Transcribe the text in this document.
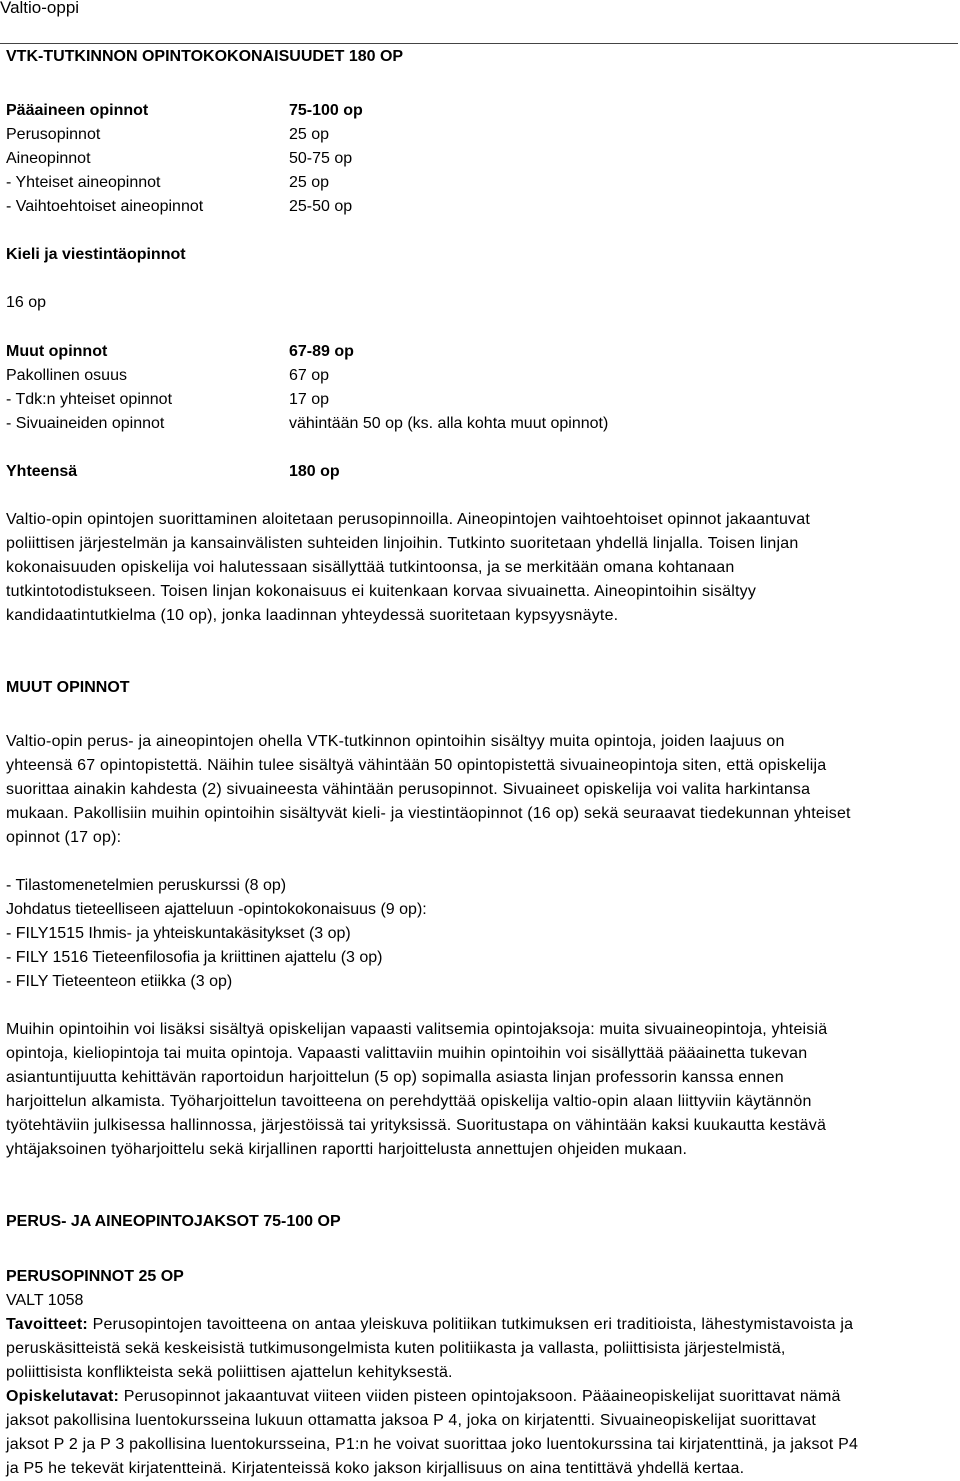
Valtio-oppi
VTK-TUTKINNON OPINTOKOKONAISUUDET 180 OP
Pääaineen opinnot	75-100 op
Perusopinnot	25 op
Aineopinnot	50-75 op
- Yhteiset aineopinnot	25 op
- Vaihtoehtoiset aineopinnot	25-50 op
Kieli ja viestintäopinnot
16 op
Muut opinnot	67-89 op
Pakollinen osuus	67 op
- Tdk:n yhteiset opinnot	17 op
- Sivuaineiden opinnot	vähintään 50 op (ks. alla kohta muut opinnot)
Yhteensä	180 op
Valtio-opin opintojen suorittaminen aloitetaan perusopinnoilla. Aineopintojen vaihtoehtoiset opinnot jakaantuvat
poliittisen järjestelmän ja kansainvälisten suhteiden linjoihin. Tutkinto suoritetaan yhdellä linjalla. Toisen linjan
kokonaisuuden opiskelija voi halutessaan sisällyttää tutkintoonsa, ja se merkitään omana kohtanaan
tutkintotodistukseen. Toisen linjan kokonaisuus ei kuitenkaan korvaa sivuainetta. Aineopintoihin sisältyy
kandidaatintutkielma (10 op), jonka laadinnan yhteydessä suoritetaan kypsyysnäyte.
MUUT OPINNOT
Valtio-opin perus- ja aineopintojen ohella VTK-tutkinnon opintoihin sisältyy muita opintoja, joiden laajuus on
yhteensä 67 opintopistettä. Näihin tulee sisältyä vähintään 50 opintopistettä sivuaineopintoja siten, että opiskelija
suorittaa ainakin kahdesta (2) sivuaineesta vähintään perusopinnot. Sivuaineet opiskelija voi valita harkintansa
mukaan. Pakollisiin muihin opintoihin sisältyvät kieli- ja viestintäopinnot (16 op) sekä seuraavat tiedekunnan yhteiset
opinnot (17 op):
- Tilastomenetelmien peruskurssi (8 op)
Johdatus tieteelliseen ajatteluun -opintokokonaisuus (9 op):
- FILY1515 Ihmis- ja yhteiskuntakäsitykset (3 op)
- FILY 1516 Tieteenfilosofia ja kriittinen ajattelu (3 op)
- FILY Tieteenteon etiikka (3 op)
Muihin opintoihin voi lisäksi sisältyä opiskelijan vapaasti valitsemia opintojaksoja: muita sivuaineopintoja, yhteisiä
opintoja, kieliopintoja tai muita opintoja. Vapaasti valittaviin muihin opintoihin voi sisällyttää pääainetta tukevan
asiantuntijuutta kehittävän raportoidun harjoittelun (5 op) sopimalla asiasta linjan professorin kanssa ennen
harjoittelun alkamista. Työharjoittelun tavoitteena on perehdyttää opiskelija valtio-opin alaan liittyviin käytännön
työtehtäviin julkisessa hallinnossa, järjestöissä tai yrityksissä. Suoritustapa on vähintään kaksi kuukautta kestävä
yhtäjaksoinen työharjoittelu sekä kirjallinen raportti harjoittelusta annettujen ohjeiden mukaan.
PERUS- JA AINEOPINTOJAKSOT 75-100 OP
PERUSOPINNOT 25 OP
VALT 1058
Tavoitteet: Perusopintojen tavoitteena on antaa yleiskuva politiikan tutkimuksen eri traditioista, lähestymistavoista ja
peruskäsitteistä sekä keskeisistä tutkimusongelmista kuten politiikasta ja vallasta, poliittisista järjestelmistä,
poliittisista konflikteista sekä poliittisen ajattelun kehityksestä.
Opiskelutavat: Perusopinnot jakaantuvat viiteen viiden pisteen opintojaksoon. Pääaineopiskelijat suorittavat nämä
jaksot pakollisina luentokursseina lukuun ottamatta jaksoa P 4, joka on kirjatentti. Sivuaineopiskelijat suorittavat
jaksot P 2 ja P 3 pakollisina luentokursseina, P1:n he voivat suorittaa joko luentokurssina tai kirjatenttinä, ja jaksot P4
ja P5 he tekevät kirjatentteinä. Kirjatenteissä koko jakson kirjallisuus on aina tentittävä yhdellä kertaa.
